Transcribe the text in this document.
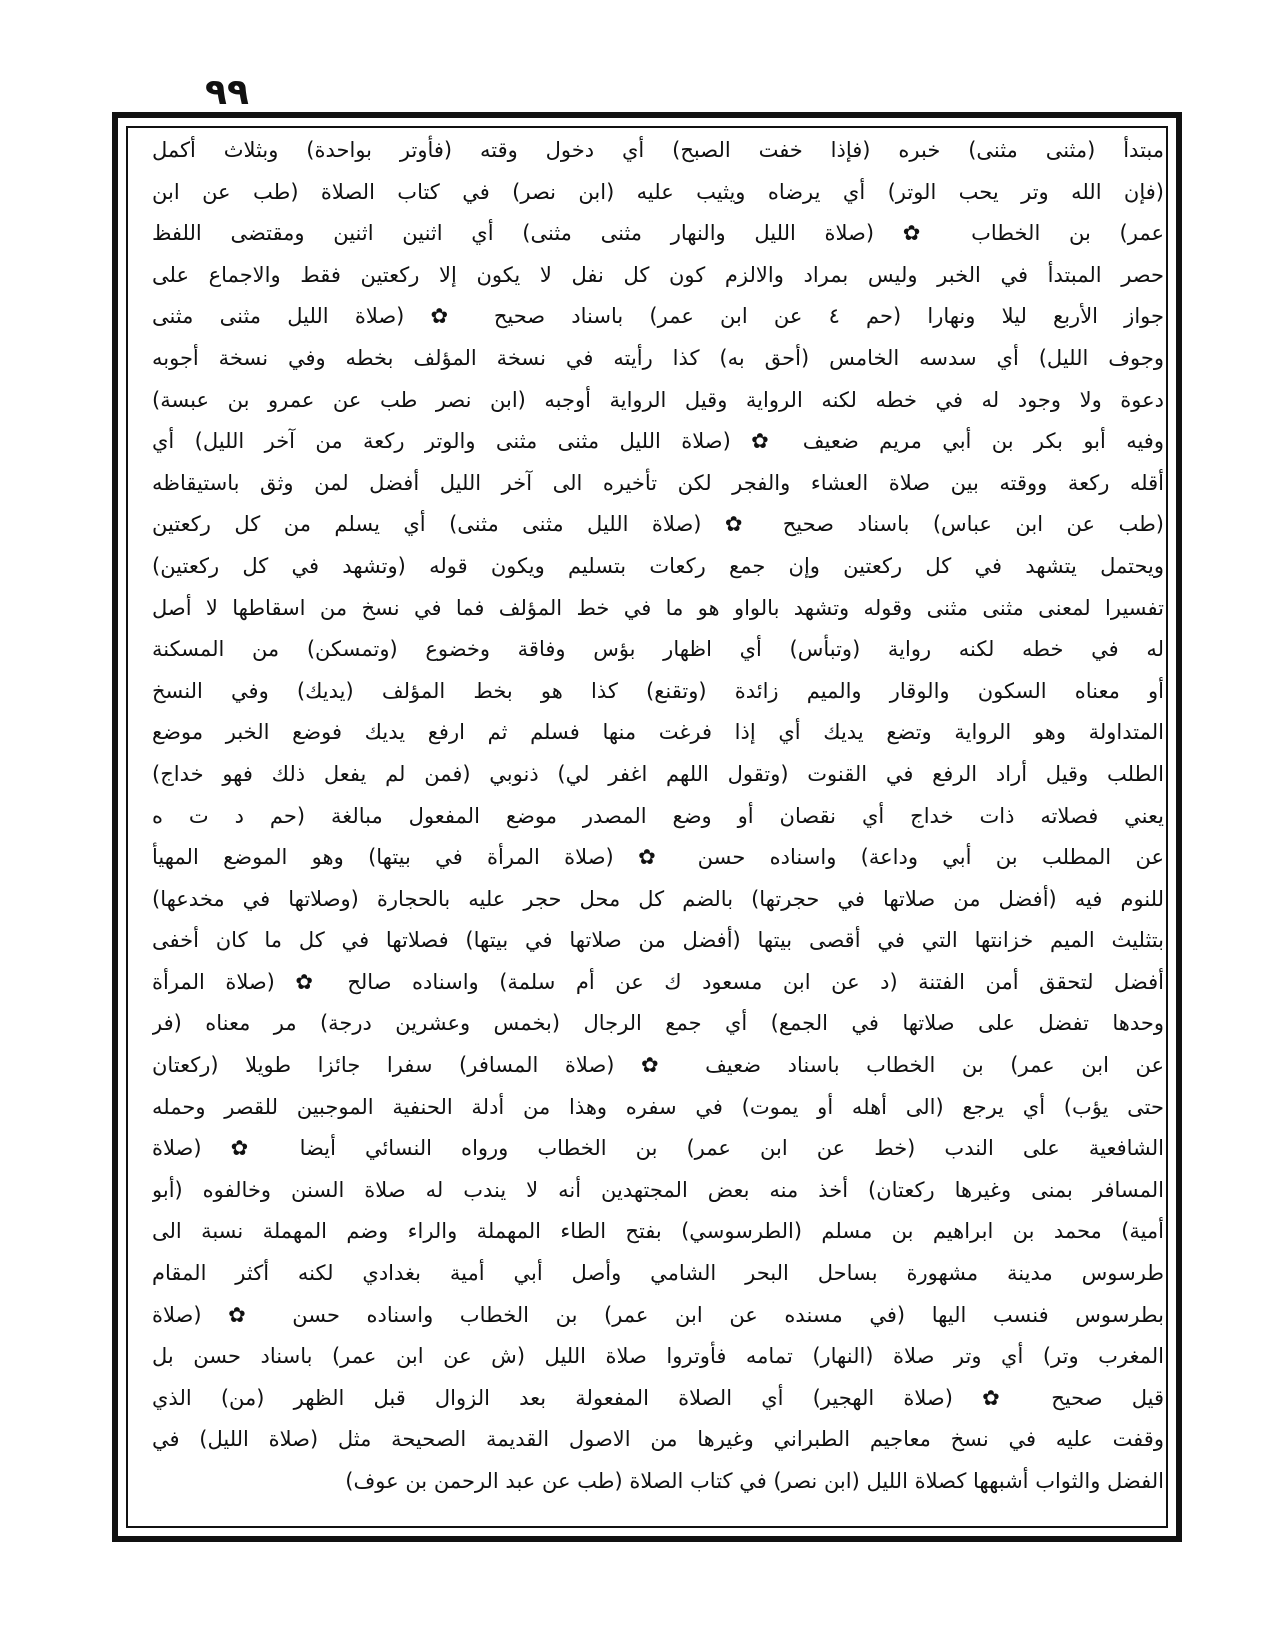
٩٩
مبتدأ (مثنى مثنى) خبره (فإذا خفت الصبح) أي دخول وقته (فأوتر بواحدة) وبثلاث أكمل
(فإن الله وتر يحب الوتر) أي يرضاه ويثيب عليه (ابن نصر) في كتاب الصلاة (طب عن ابن
عمر) بن الخطاب ✿ (صلاة الليل والنهار مثنى مثنى) أي اثنين اثنين ومقتضى اللفظ
حصر المبتدأ في الخبر وليس بمراد والالزم كون كل نفل لا يكون إلا ركعتين فقط والاجماع على
جواز الأربع ليلا ونهارا (حم ٤ عن ابن عمر) باسناد صحيح ✿ (صلاة الليل مثنى مثنى
وجوف الليل) أي سدسه الخامس (أحق به) كذا رأيته في نسخة المؤلف بخطه وفي نسخة أجوبه
دعوة ولا وجود له في خطه لكنه الرواية وقيل الرواية أوجبه (ابن نصر طب عن عمرو بن عبسة)
وفيه أبو بكر بن أبي مريم ضعيف ✿ (صلاة الليل مثنى مثنى والوتر ركعة من آخر الليل) أي
أقله ركعة ووقته بين صلاة العشاء والفجر لكن تأخيره الى آخر الليل أفضل لمن وثق باستيقاظه
(طب عن ابن عباس) باسناد صحيح ✿ (صلاة الليل مثنى مثنى) أي يسلم من كل ركعتين
ويحتمل يتشهد في كل ركعتين وإن جمع ركعات بتسليم ويكون قوله (وتشهد في كل ركعتين)
تفسيرا لمعنى مثنى مثنى وقوله وتشهد بالواو هو ما في خط المؤلف فما في نسخ من اسقاطها لا أصل
له في خطه لكنه رواية (وتبأس) أي اظهار بؤس وفاقة وخضوع (وتمسكن) من المسكنة
أو معناه السكون والوقار والميم زائدة (وتقنع) كذا هو بخط المؤلف (يديك) وفي النسخ
المتداولة وهو الرواية وتضع يديك أي إذا فرغت منها فسلم ثم ارفع يديك فوضع الخبر موضع
الطلب وقيل أراد الرفع في القنوت (وتقول اللهم اغفر لي) ذنوبي (فمن لم يفعل ذلك فهو خداج)
يعني فصلاته ذات خداج أي نقصان أو وضع المصدر موضع المفعول مبالغة (حم د ت ه
عن المطلب بن أبي وداعة) واسناده حسن ✿ (صلاة المرأة في بيتها) وهو الموضع المهيأ
للنوم فيه (أفضل من صلاتها في حجرتها) بالضم كل محل حجر عليه بالحجارة (وصلاتها في مخدعها)
بتثليث الميم خزانتها التي في أقصى بيتها (أفضل من صلاتها في بيتها) فصلاتها في كل ما كان أخفى
أفضل لتحقق أمن الفتنة (د عن ابن مسعود ك عن أم سلمة) واسناده صالح ✿ (صلاة المرأة
وحدها تفضل على صلاتها في الجمع) أي جمع الرجال (بخمس وعشرين درجة) مر معناه (فر
عن ابن عمر) بن الخطاب باسناد ضعيف ✿ (صلاة المسافر) سفرا جائزا طويلا (ركعتان
حتى يؤب) أي يرجع (الى أهله أو يموت) في سفره وهذا من أدلة الحنفية الموجبين للقصر وحمله
الشافعية على الندب (خط عن ابن عمر) بن الخطاب ورواه النسائي أيضا ✿ (صلاة
المسافر بمنى وغيرها ركعتان) أخذ منه بعض المجتهدين أنه لا يندب له صلاة السنن وخالفوه (أبو
أمية) محمد بن ابراهيم بن مسلم (الطرسوسي) بفتح الطاء المهملة والراء وضم المهملة نسبة الى
طرسوس مدينة مشهورة بساحل البحر الشامي وأصل أبي أمية بغدادي لكنه أكثر المقام
بطرسوس فنسب اليها (في مسنده عن ابن عمر) بن الخطاب واسناده حسن ✿ (صلاة
المغرب وتر) أي وتر صلاة (النهار) تمامه فأوتروا صلاة الليل (ش عن ابن عمر) باسناد حسن بل
قيل صحيح ✿ (صلاة الهجير) أي الصلاة المفعولة بعد الزوال قبل الظهر (من) الذي
وقفت عليه في نسخ معاجيم الطبراني وغيرها من الاصول القديمة الصحيحة مثل (صلاة الليل) في
الفضل والثواب أشبهها كصلاة الليل (ابن نصر) في كتاب الصلاة (طب عن عبد الرحمن بن عوف)
